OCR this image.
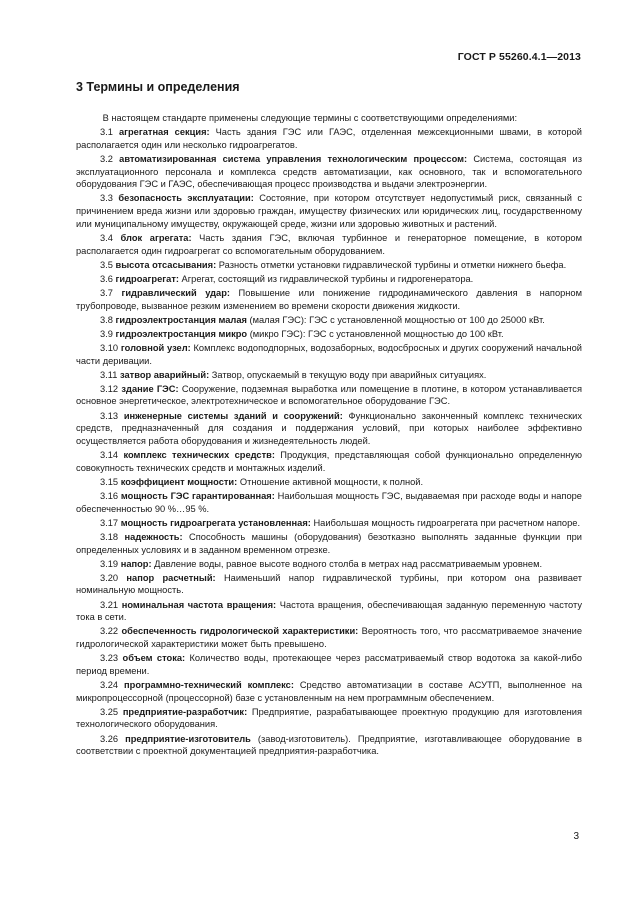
ГОСТ Р 55260.4.1—2013
3 Термины и определения

В настоящем стандарте применены следующие термины с соответствующими определениями:

3.1 агрегатная секция: Часть здания ГЭС или ГАЭС, отделенная межсекционными швами, в которой располагается один или несколько гидроагрегатов.

3.2 автоматизированная система управления технологическим процессом: Система, состоящая из эксплуатационного персонала и комплекса средств автоматизации, как основного, так и вспомогательного оборудования ГЭС и ГАЭС, обеспечивающая процесс производства и выдачи электроэнергии.

3.3 безопасность эксплуатации: Состояние, при котором отсутствует недопустимый риск, связанный с причинением вреда жизни или здоровью граждан, имуществу физических или юридических лиц, государственному или муниципальному имуществу, окружающей среде, жизни или здоровью животных и растений.

3.4 блок агрегата: Часть здания ГЭС, включая турбинное и генераторное помещение, в котором располагается один гидроагрегат со вспомогательным оборудованием.

3.5 высота отсасывания: Разность отметки установки гидравлической турбины и отметки нижнего бьефа.

3.6 гидроагрегат: Агрегат, состоящий из гидравлической турбины и гидрогенератора.

3.7 гидравлический удар: Повышение или понижение гидродинамического давления в напорном трубопроводе, вызванное резким изменением во времени скорости движения жидкости.

3.8 гидроэлектростанция малая (малая ГЭС): ГЭС с установленной мощностью от 100 до 25000 кВт.

3.9 гидроэлектростанция микро (микро ГЭС): ГЭС с установленной мощностью до 100 кВт.

3.10 головной узел: Комплекс водоподпорных, водозаборных, водосбросных и других сооружений начальной части деривации.

3.11 затвор аварийный: Затвор, опускаемый в текущую воду при аварийных ситуациях.

3.12 здание ГЭС: Сооружение, подземная выработка или помещение в плотине, в котором устанавливается основное энергетическое, электротехническое и вспомогательное оборудование ГЭС.

3.13 инженерные системы зданий и сооружений: Функционально законченный комплекс технических средств, предназначенный для создания и поддержания условий, при которых наиболее эффективно осуществляется работа оборудования и жизнедеятельность людей.

3.14 комплекс технических средств: Продукция, представляющая собой функционально определенную совокупность технических средств и монтажных изделий.

3.15 коэффициент мощности: Отношение активной мощности, к полной.

3.16 мощность ГЭС гарантированная: Наибольшая мощность ГЭС, выдаваемая при расходе воды и напоре обеспеченностью 90 %…95 %.

3.17 мощность гидроагрегата установленная: Наибольшая мощность гидроагрегата при расчетном напоре.

3.18 надежность: Способность машины (оборудования) безотказно выполнять заданные функции при определенных условиях и в заданном временном отрезке.

3.19 напор: Давление воды, равное высоте водного столба в метрах над рассматриваемым уровнем.

3.20 напор расчетный: Наименьший напор гидравлической турбины, при котором она развивает номинальную мощность.

3.21 номинальная частота вращения: Частота вращения, обеспечивающая заданную переменную частоту тока в сети.

3.22 обеспеченность гидрологической характеристики: Вероятность того, что рассматриваемое значение гидрологической характеристики может быть превышено.

3.23 объем стока: Количество воды, протекающее через рассматриваемый створ водотока за какой-либо период времени.

3.24 программно-технический комплекс: Средство автоматизации в составе АСУТП, выполненное на микропроцессорной (процессорной) базе с установленным на нем программным обеспечением.

3.25 предприятие-разработчик: Предприятие, разрабатывающее проектную продукцию для изготовления технологического оборудования.

3.26 предприятие-изготовитель (завод-изготовитель). Предприятие, изготавливающее оборудование в соответствии с проектной документацией предприятия-разработчика.

3
